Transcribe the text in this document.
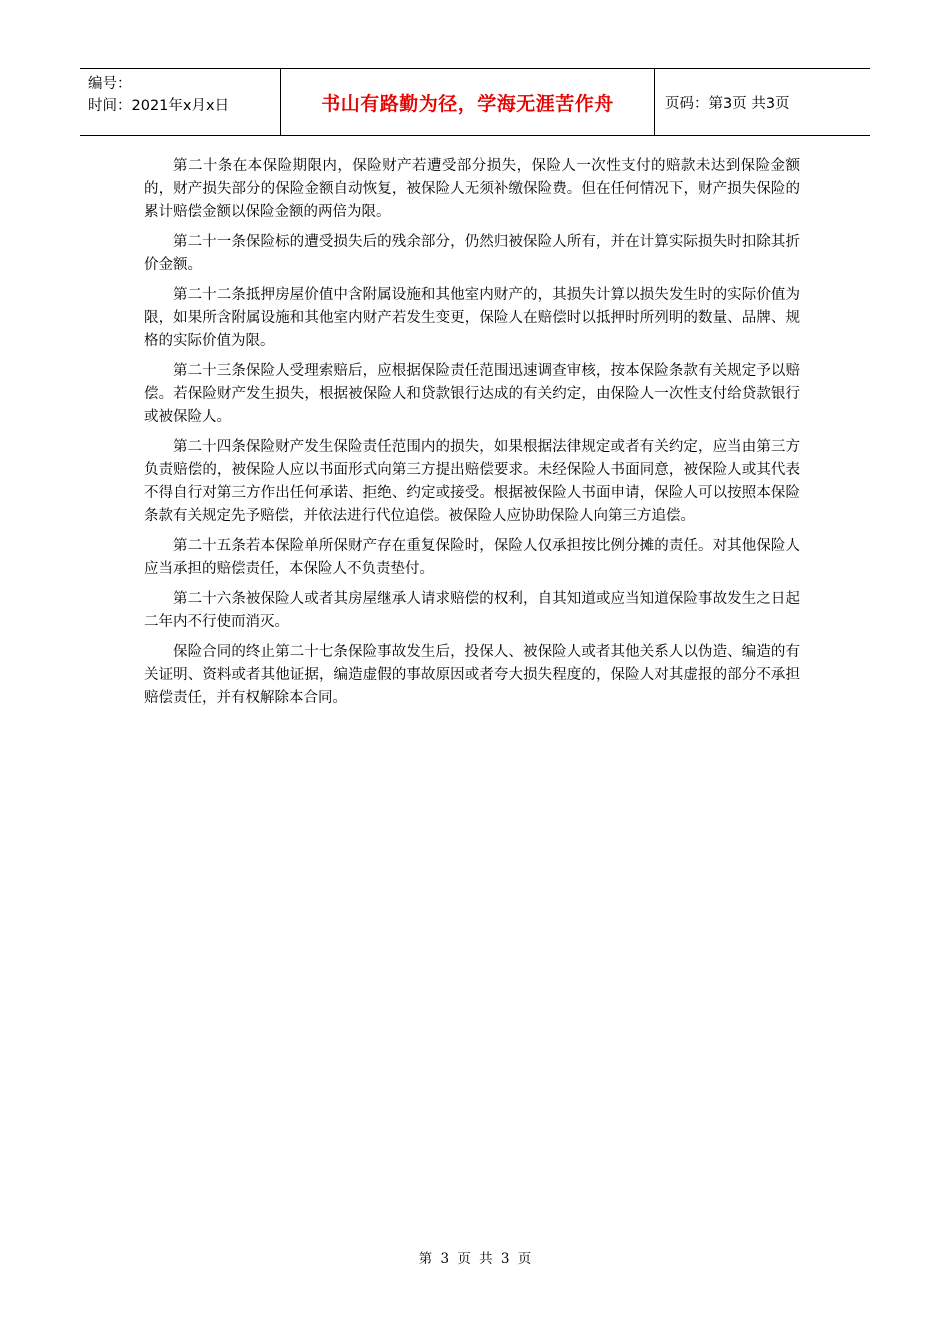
编号：
时间：2021年x月x日	书山有路勤为径，学海无涯苦作舟	页码：第3页 共3页

第二十条在本保险期限内，保险财产若遭受部分损失，保险人一次性支付的赔款未达到保险金额的，财产损失部分的保险金额自动恢复，被保险人无须补缴保险费。但在任何情况下，财产损失保险的累计赔偿金额以保险金额的两倍为限。

第二十一条保险标的遭受损失后的残余部分，仍然归被保险人所有，并在计算实际损失时扣除其折价金额。

第二十二条抵押房屋价值中含附属设施和其他室内财产的，其损失计算以损失发生时的实际价值为限，如果所含附属设施和其他室内财产若发生变更，保险人在赔偿时以抵押时所列明的数量、品牌、规格的实际价值为限。

第二十三条保险人受理索赔后，应根据保险责任范围迅速调查审核，按本保险条款有关规定予以赔偿。若保险财产发生损失，根据被保险人和贷款银行达成的有关约定，由保险人一次性支付给贷款银行或被保险人。

第二十四条保险财产发生保险责任范围内的损失，如果根据法律规定或者有关约定，应当由第三方负责赔偿的，被保险人应以书面形式向第三方提出赔偿要求。未经保险人书面同意，被保险人或其代表不得自行对第三方作出任何承诺、拒绝、约定或接受。根据被保险人书面申请，保险人可以按照本保险条款有关规定先予赔偿，并依法进行代位追偿。被保险人应协助保险人向第三方追偿。

第二十五条若本保险单所保财产存在重复保险时，保险人仅承担按比例分摊的责任。对其他保险人应当承担的赔偿责任，本保险人不负责垫付。

第二十六条被保险人或者其房屋继承人请求赔偿的权利，自其知道或应当知道保险事故发生之日起二年内不行使而消灭。

保险合同的终止第二十七条保险事故发生后，投保人、被保险人或者其他关系人以伪造、编造的有关证明、资料或者其他证据，编造虚假的事故原因或者夸大损失程度的，保险人对其虚报的部分不承担赔偿责任，并有权解除本合同。

第 3 页 共 3 页
